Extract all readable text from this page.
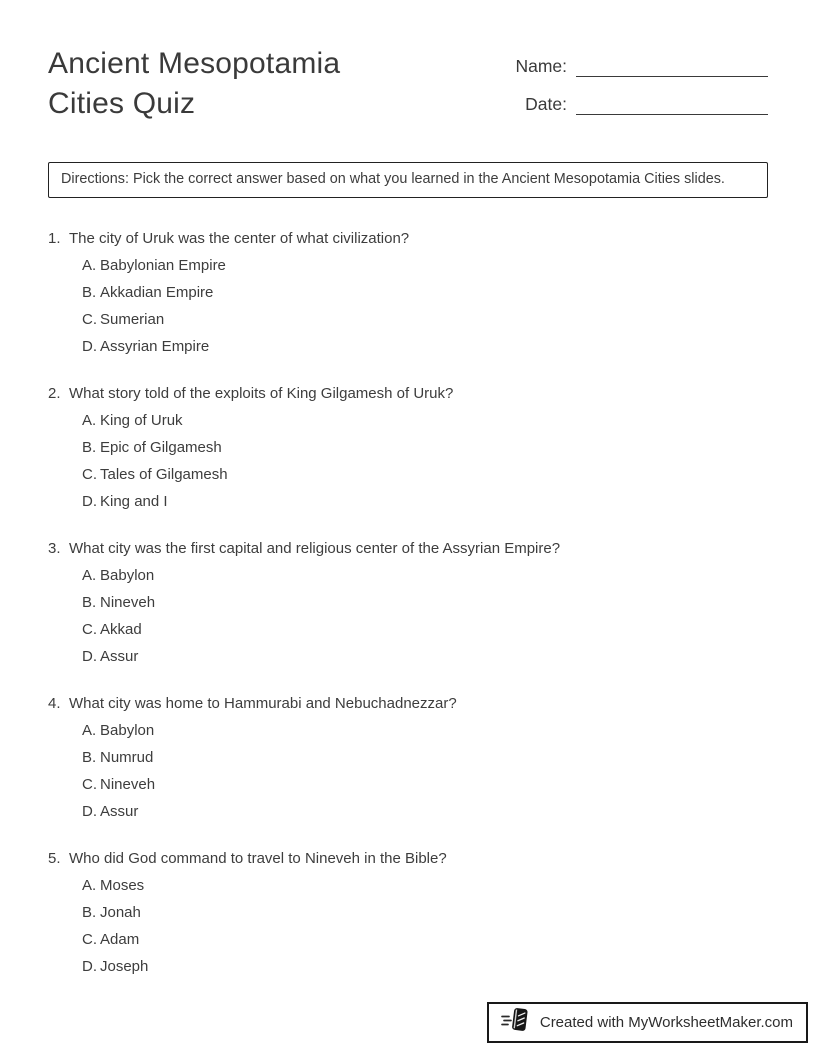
Ancient Mesopotamia Cities Quiz
Name:
Date:
Directions: Pick the correct answer based on what you learned in the Ancient Mesopotamia Cities slides.
1. The city of Uruk was the center of what civilization?
A. Babylonian Empire
B. Akkadian Empire
C. Sumerian
D. Assyrian Empire
2. What story told of the exploits of King Gilgamesh of Uruk?
A. King of Uruk
B. Epic of Gilgamesh
C. Tales of Gilgamesh
D. King and I
3. What city was the first capital and religious center of the Assyrian Empire?
A. Babylon
B. Nineveh
C. Akkad
D. Assur
4. What city was home to Hammurabi and Nebuchadnezzar?
A. Babylon
B. Numrud
C. Nineveh
D. Assur
5. Who did God command to travel to Nineveh in the Bible?
A. Moses
B. Jonah
C. Adam
D. Joseph
Created with MyWorksheetMaker.com
